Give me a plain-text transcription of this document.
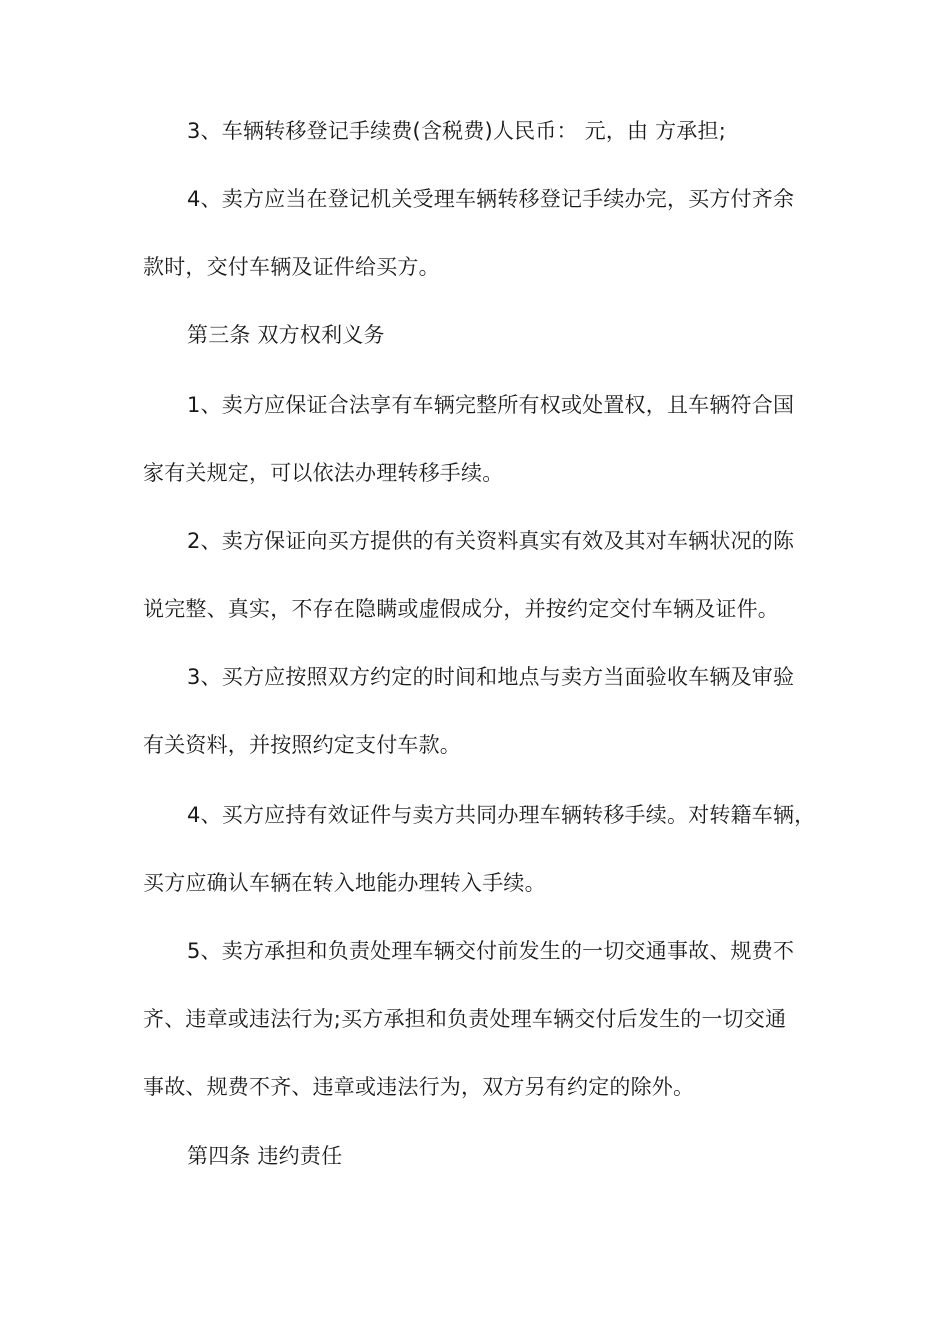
3、车辆转移登记手续费(含税费)人民币： 元，由 方承担;
4、卖方应当在登记机关受理车辆转移登记手续办完，买方付齐余
款时，交付车辆及证件给买方。
第三条 双方权利义务
1、卖方应保证合法享有车辆完整所有权或处置权，且车辆符合国
家有关规定，可以依法办理转移手续。
2、卖方保证向买方提供的有关资料真实有效及其对车辆状况的陈
说完整、真实，不存在隐瞒或虚假成分，并按约定交付车辆及证件。
3、买方应按照双方约定的时间和地点与卖方当面验收车辆及审验
有关资料，并按照约定支付车款。
4、买方应持有效证件与卖方共同办理车辆转移手续。对转籍车辆，
买方应确认车辆在转入地能办理转入手续。
5、卖方承担和负责处理车辆交付前发生的一切交通事故、规费不
齐、违章或违法行为;买方承担和负责处理车辆交付后发生的一切交通
事故、规费不齐、违章或违法行为，双方另有约定的除外。
第四条 违约责任
